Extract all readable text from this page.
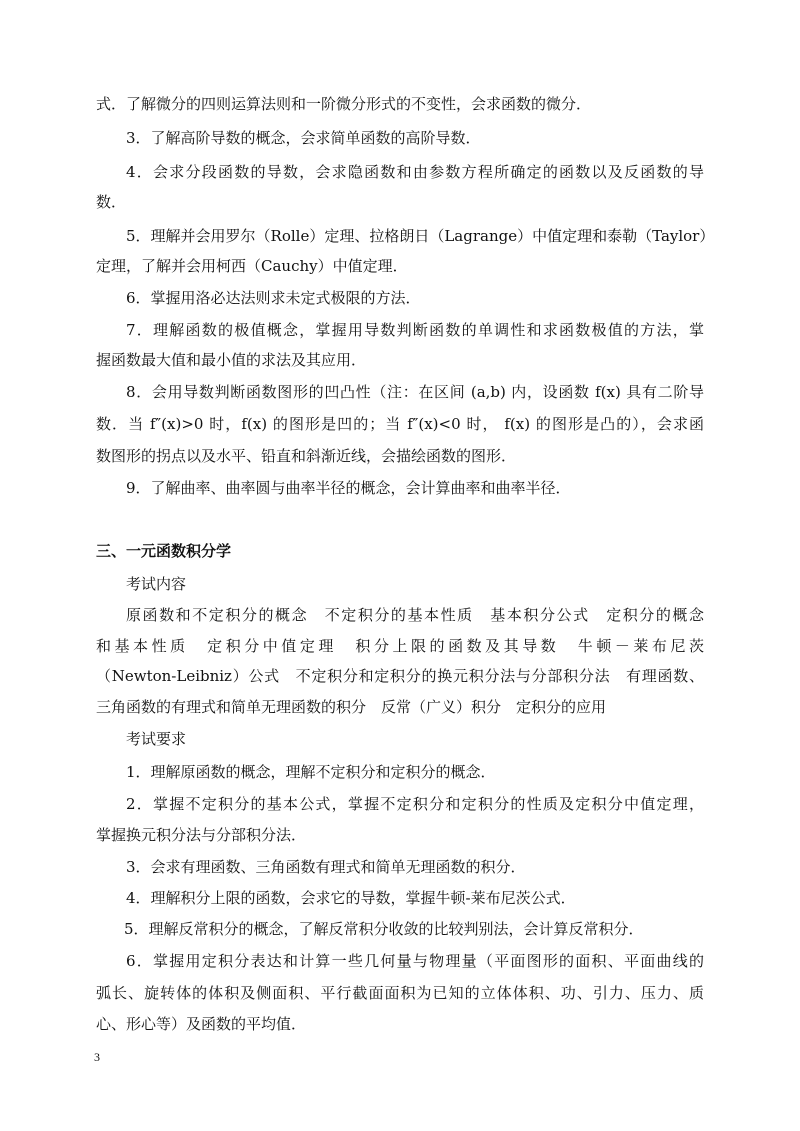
式．了解微分的四则运算法则和一阶微分形式的不变性，会求函数的微分．
3．了解高阶导数的概念，会求简单函数的高阶导数．
4．会求分段函数的导数，会求隐函数和由参数方程所确定的函数以及反函数的导
数．
5．理解并会用罗尔（Rolle）定理、拉格朗日（Lagrange）中值定理和泰勒（Taylor）
定理，了解并会用柯西（Cauchy）中值定理．
6．掌握用洛必达法则求未定式极限的方法．
7．理解函数的极值概念，掌握用导数判断函数的单调性和求函数极值的方法，掌
握函数最大值和最小值的求法及其应用．
8．会用导数判断函数图形的凹凸性（注：在区间 (a,b) 内，设函数 f(x) 具有二阶导
数．当 f″(x)>0 时，f(x) 的图形是凹的；当 f″(x)<0 时， f(x) 的图形是凸的），会求函
数图形的拐点以及水平、铅直和斜渐近线，会描绘函数的图形．
9．了解曲率、曲率圆与曲率半径的概念，会计算曲率和曲率半径．
三、一元函数积分学
考试内容
原函数和不定积分的概念　不定积分的基本性质　基本积分公式　定积分的概念
和基本性质　定积分中值定理　积分上限的函数及其导数　牛顿－莱布尼茨
（Newton-Leibniz）公式　不定积分和定积分的换元积分法与分部积分法　有理函数、
三角函数的有理式和简单无理函数的积分　反常（广义）积分　定积分的应用
考试要求
1．理解原函数的概念，理解不定积分和定积分的概念．
2．掌握不定积分的基本公式，掌握不定积分和定积分的性质及定积分中值定理，
掌握换元积分法与分部积分法．
3．会求有理函数、三角函数有理式和简单无理函数的积分．
4．理解积分上限的函数，会求它的导数，掌握牛顿-莱布尼茨公式．
5．理解反常积分的概念，了解反常积分收敛的比较判别法，会计算反常积分．
6．掌握用定积分表达和计算一些几何量与物理量（平面图形的面积、平面曲线的
弧长、旋转体的体积及侧面积、平行截面面积为已知的立体体积、功、引力、压力、质
心、形心等）及函数的平均值．
3
